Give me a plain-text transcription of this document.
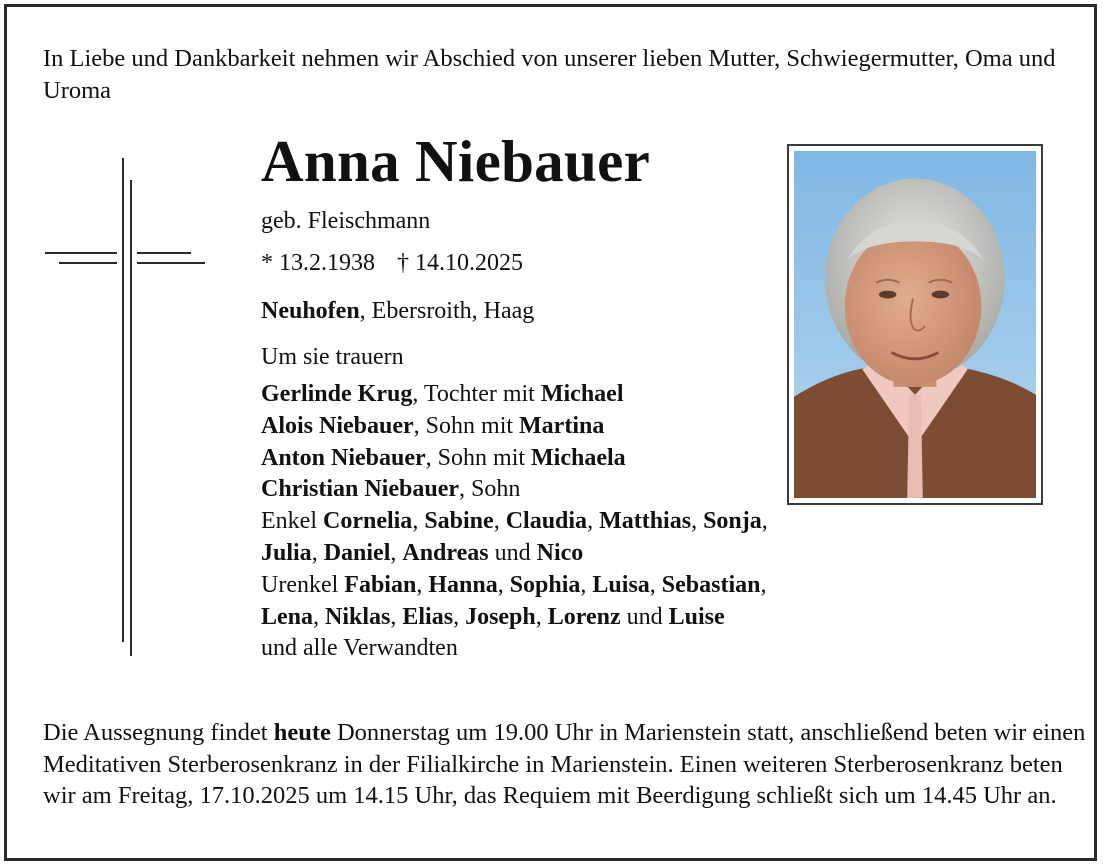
In Liebe und Dankbarkeit nehmen wir Abschied von unserer lieben Mutter, Schwiegermutter, Oma und Uroma

Anna Niebauer

geb. Fleischmann

* 13.2.1938 † 14.10.2025

Neuhofen, Ebersroith, Haag

Um sie trauern

Gerlinde Krug, Tochter mit Michael

Alois Niebauer, Sohn mit Martina

Anton Niebauer, Sohn mit Michaela

Christian Niebauer, Sohn

Enkel Cornelia, Sabine, Claudia, Matthias, Sonja,

Julia, Daniel, Andreas und Nico

Urenkel Fabian, Hanna, Sophia, Luisa, Sebastian,

Lena, Niklas, Elias, Joseph, Lorenz und Luise

und alle Verwandten

Die Aussegnung findet heute Donnerstag um 19.00 Uhr in Marienstein statt, anschließend beten wir einen Meditativen Sterberosenkranz in der Filialkirche in Marienstein. Einen weiteren Sterberosenkranz beten wir am Freitag, 17.10.2025 um 14.15 Uhr, das Requiem mit Beerdigung schließt sich um 14.45 Uhr an.
